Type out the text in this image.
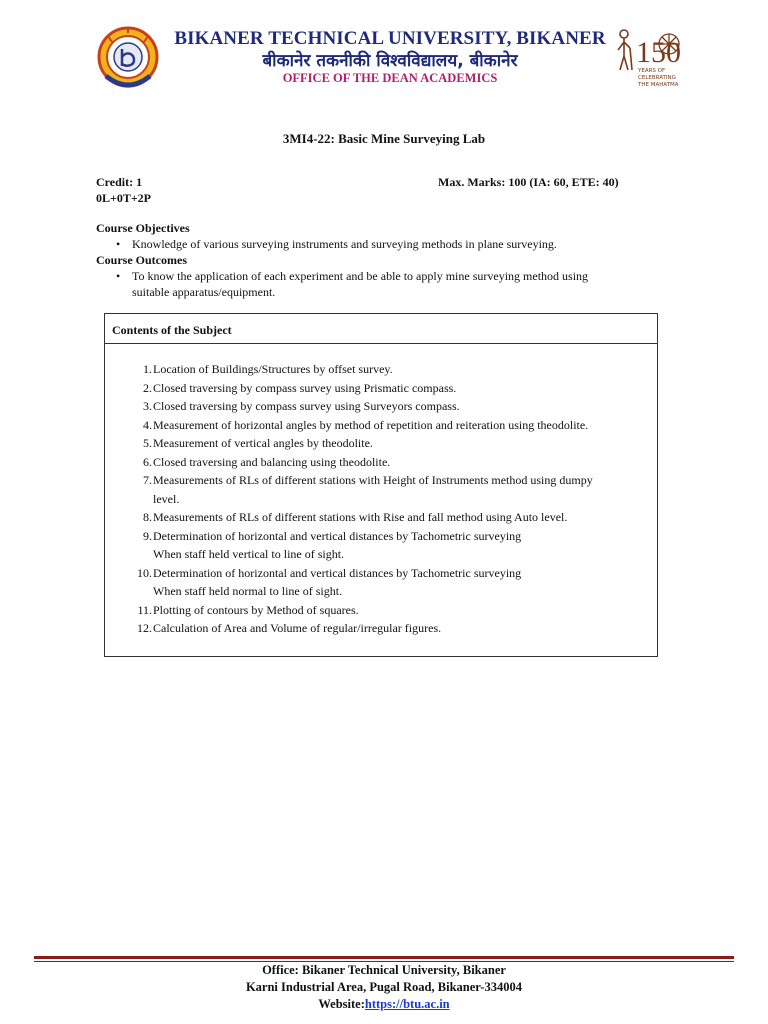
BIKANER TECHNICAL UNIVERSITY, BIKANER
बीकानेर तकनीकी विश्वविद्यालय, बीकानेर
OFFICE OF THE DEAN ACADEMICS
150
YEARS OF
CELEBRATING
THE MAHATMA
3MI4-22: Basic Mine Surveying Lab
Credit: 1
0L+0T+2P
Max. Marks: 100 (IA: 60, ETE: 40)
Course Objectives
• Knowledge of various surveying instruments and surveying methods in plane surveying.
Course Outcomes
• To know the application of each experiment and be able to apply mine surveying method using
suitable apparatus/equipment.
Contents of the Subject
1. Location of Buildings/Structures by offset survey.
2. Closed traversing by compass survey using Prismatic compass.
3. Closed traversing by compass survey using Surveyors compass.
4. Measurement of horizontal angles by method of repetition and reiteration using theodolite.
5. Measurement of vertical angles by theodolite.
6. Closed traversing and balancing using theodolite.
7. Measurements of RLs of different stations with Height of Instruments method using dumpy
level.
8. Measurements of RLs of different stations with Rise and fall method using Auto level.
9. Determination of horizontal and vertical distances by Tachometric surveying
When staff held vertical to line of sight.
10. Determination of horizontal and vertical distances by Tachometric surveying
When staff held normal to line of sight.
11. Plotting of contours by Method of squares.
12. Calculation of Area and Volume of regular/irregular figures.
Office: Bikaner Technical University, Bikaner
Karni Industrial Area, Pugal Road, Bikaner-334004
Website:https://btu.ac.in
